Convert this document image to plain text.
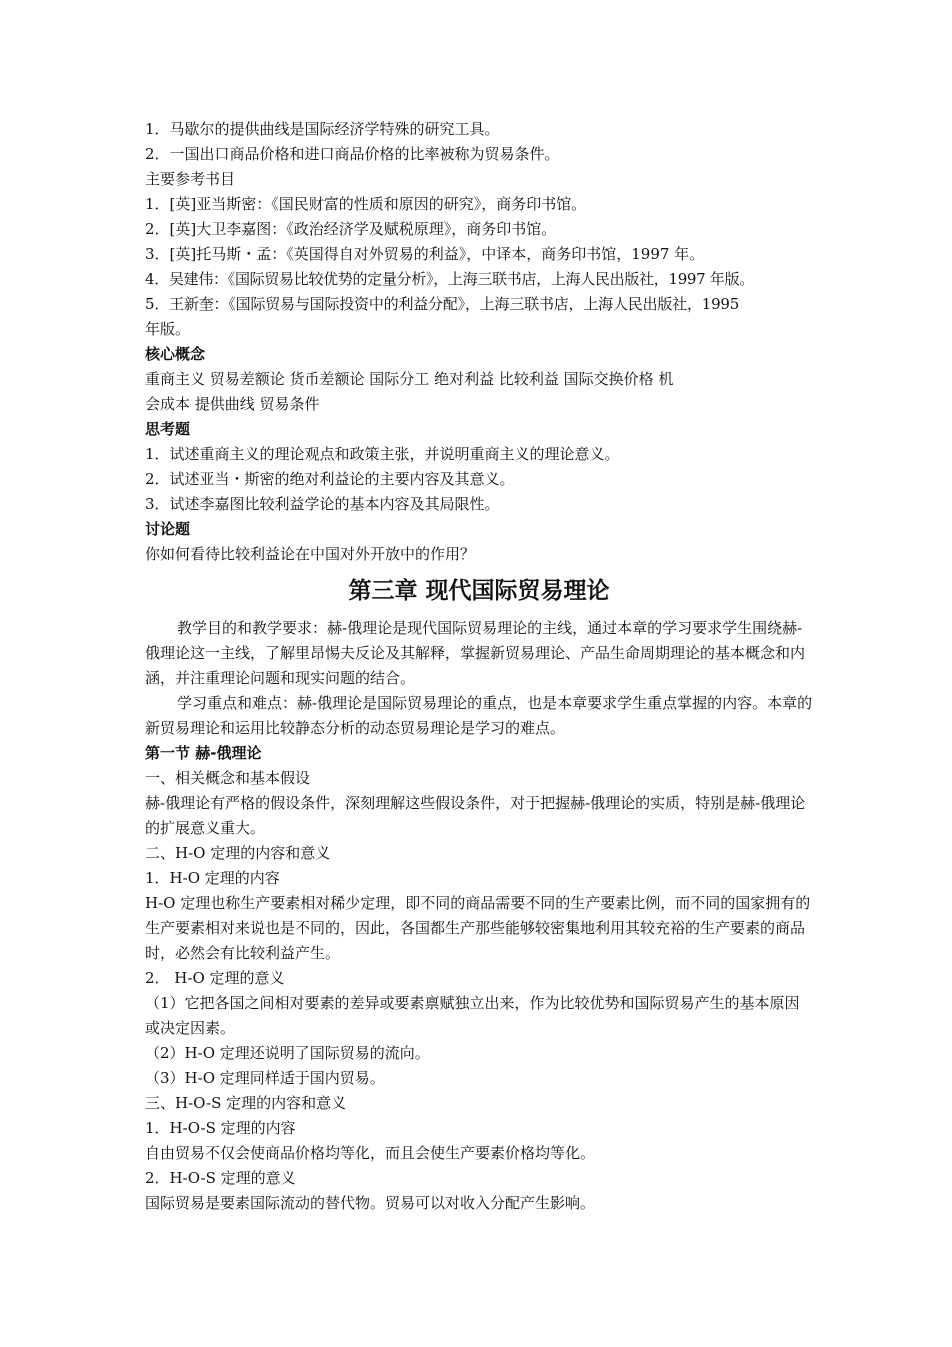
1．马歇尔的提供曲线是国际经济学特殊的研究工具。
2．一国出口商品价格和进口商品价格的比率被称为贸易条件。
主要参考书目
1．[英]亚当斯密：《国民财富的性质和原因的研究》，商务印书馆。
2．[英]大卫李嘉图：《政治经济学及赋税原理》，商务印书馆。
3．[英]托马斯・孟：《英国得自对外贸易的利益》，中译本，商务印书馆，1997 年。
4．吴建伟：《国际贸易比较优势的定量分析》，上海三联书店，上海人民出版社，1997 年版。
5．王新奎：《国际贸易与国际投资中的利益分配》，上海三联书店，上海人民出版社，1995
年版。
核心概念
重商主义 贸易差额论 货币差额论 国际分工 绝对利益 比较利益 国际交换价格 机
会成本 提供曲线 贸易条件
思考题
1．试述重商主义的理论观点和政策主张，并说明重商主义的理论意义。
2．试述亚当・斯密的绝对利益论的主要内容及其意义。
3．试述李嘉图比较利益学论的基本内容及其局限性。
讨论题
你如何看待比较利益论在中国对外开放中的作用？
第三章 现代国际贸易理论
教学目的和教学要求：赫-俄理论是现代国际贸易理论的主线，通过本章的学习要求学生围绕赫-俄理论这一主线，了解里昂惕夫反论及其解释，掌握新贸易理论、产品生命周期理论的基本概念和内涵，并注重理论问题和现实问题的结合。
学习重点和难点：赫-俄理论是国际贸易理论的重点，也是本章要求学生重点掌握的内容。本章的新贸易理论和运用比较静态分析的动态贸易理论是学习的难点。
第一节 赫-俄理论
一、相关概念和基本假设
赫-俄理论有严格的假设条件，深刻理解这些假设条件，对于把握赫-俄理论的实质，特别是赫-俄理论的扩展意义重大。
二、H-O 定理的内容和意义
1．H-O 定理的内容
H-O 定理也称生产要素相对稀少定理，即不同的商品需要不同的生产要素比例，而不同的国家拥有的生产要素相对来说也是不同的，因此，各国都生产那些能够较密集地利用其较充裕的生产要素的商品时，必然会有比较利益产生。
2． H-O 定理的意义
（1）它把各国之间相对要素的差异或要素禀赋独立出来，作为比较优势和国际贸易产生的基本原因或决定因素。
（2）H-O 定理还说明了国际贸易的流向。
（3）H-O 定理同样适于国内贸易。
三、H-O-S 定理的内容和意义
1．H-O-S 定理的内容
自由贸易不仅会使商品价格均等化，而且会使生产要素价格均等化。
2．H-O-S 定理的意义
国际贸易是要素国际流动的替代物。贸易可以对收入分配产生影响。
